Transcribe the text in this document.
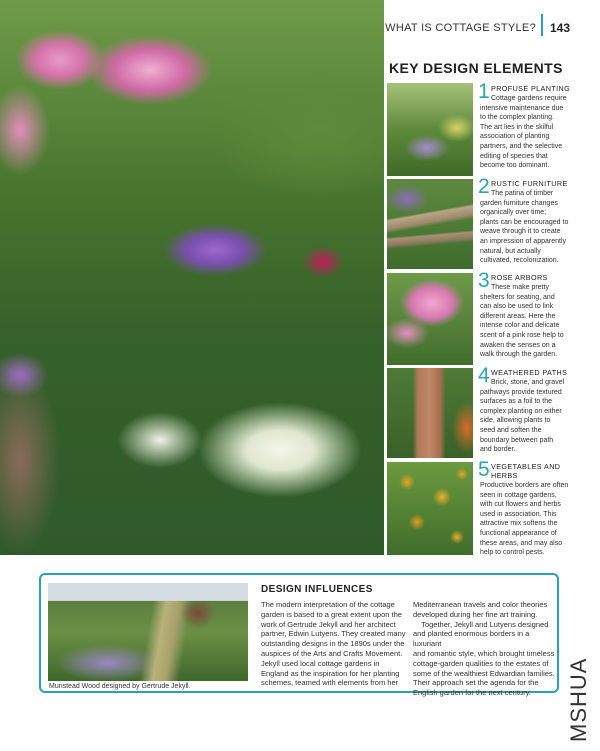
WHAT IS COTTAGE STYLE? 143
KEY DESIGN ELEMENTS
1 PROFUSE PLANTING
Cottage gardens require
intensive maintenance due
to the complex planting.
The art lies in the skilful
association of planting
partners, and the selective
editing of species that
become too dominant.
2 RUSTIC FURNITURE
The patina of timber
garden furniture changes
organically over time;
plants can be encouraged to
weave through it to create
an impression of apparently
natural, but actually
cultivated, recolonization.
3 ROSE ARBORS
These make pretty
shelters for seating, and
can also be used to link
different areas. Here the
intense color and delicate
scent of a pink rose help to
awaken the senses on a
walk through the garden.
4 WEATHERED PATHS
Brick, stone, and gravel
pathways provide textured
surfaces as a foil to the
complex planting on either
side, allowing plants to
seed and soften the
boundary between path
and border.
5 VEGETABLES AND
HERBS
Productive borders are often
seen in cottage gardens,
with cut flowers and herbs
used in association. This
attractive mix softens the
functional appearance of
these areas, and may also
help to control pests.
Munstead Wood designed by Gertrude Jekyll.
DESIGN INFLUENCES
The modern interpretation of the cottage
garden is based to a great extent upon the
work of Gertrude Jekyll and her architect
partner, Edwin Lutyens. They created many
outstanding designs in the 1890s under the
auspices of the Arts and Crafts Movement.
Jekyll used local cottage gardens in
England as the inspiration for her planting
schemes, teamed with elements from her
Mediterranean travels and color theories
developed during her fine art training.
Together, Jekyll and Lutyens designed
and planted enormous borders in a luxuriant
and romantic style, which brought timeless
cottage-garden qualities to the estates of
some of the wealthiest Edwardian families.
Their approach set the agenda for the
English garden for the next century.	MSHUA
